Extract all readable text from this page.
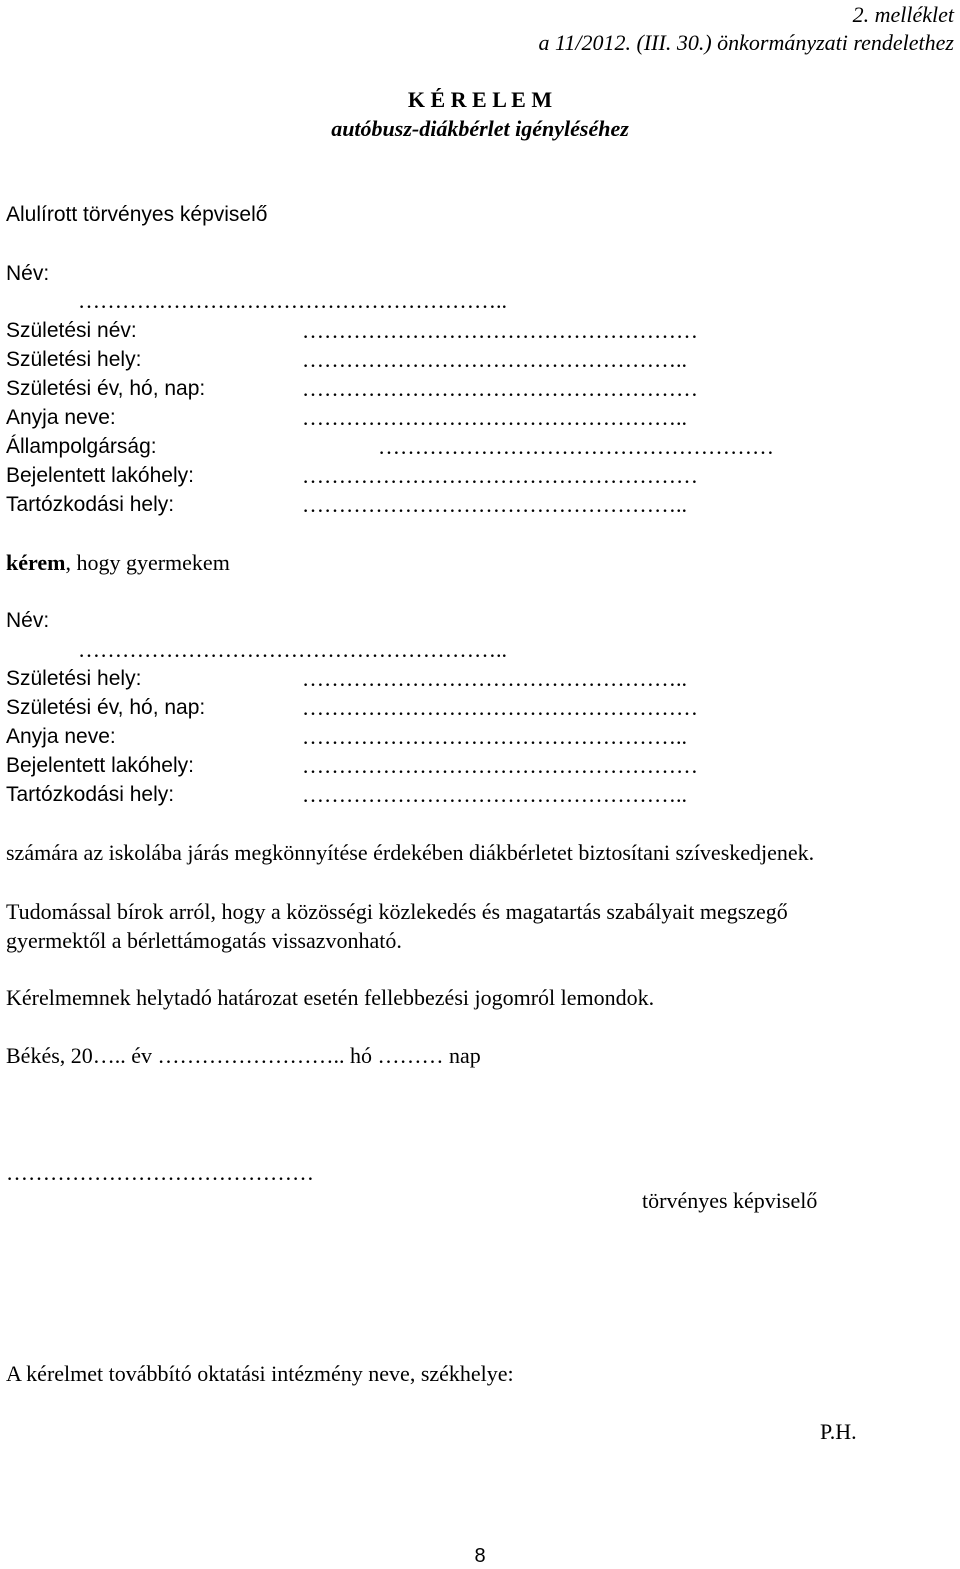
2. melléklet
a 11/2012. (III. 30.) önkormányzati rendelethez
K É R E L E M
autóbusz-diákbérlet igényléséhez
Alulírott törvényes képviselő
Név:
…………………………………………………..
Születési név:	………………………………………………
Születési hely:	……………………………………………..
Születési év, hó, nap:	………………………………………………
Anyja neve:	……………………………………………..
Állampolgárság:	………………………………………………
Bejelentett lakóhely:	………………………………………………
Tartózkodási hely:	……………………………………………..
kérem, hogy gyermekem
Név:
…………………………………………………..
Születési hely:	……………………………………………..
Születési év, hó, nap:	………………………………………………
Anyja neve:	……………………………………………..
Bejelentett lakóhely:	………………………………………………
Tartózkodási hely:	……………………………………………..
számára az iskolába járás megkönnyítése érdekében diákbérletet biztosítani szíveskedjenek.
Tudomással bírok arról, hogy a közösségi közlekedés és magatartás szabályait megszegő
gyermektől a bérlettámogatás vissazvonható.
Kérelmemnek helytadó határozat esetén fellebbezési jogomról lemondok.
Békés, 20….. év …………………….. hó ……… nap
……………………………………
törvényes képviselő
A kérelmet továbbító oktatási intézmény neve, székhelye:
P.H.
8
